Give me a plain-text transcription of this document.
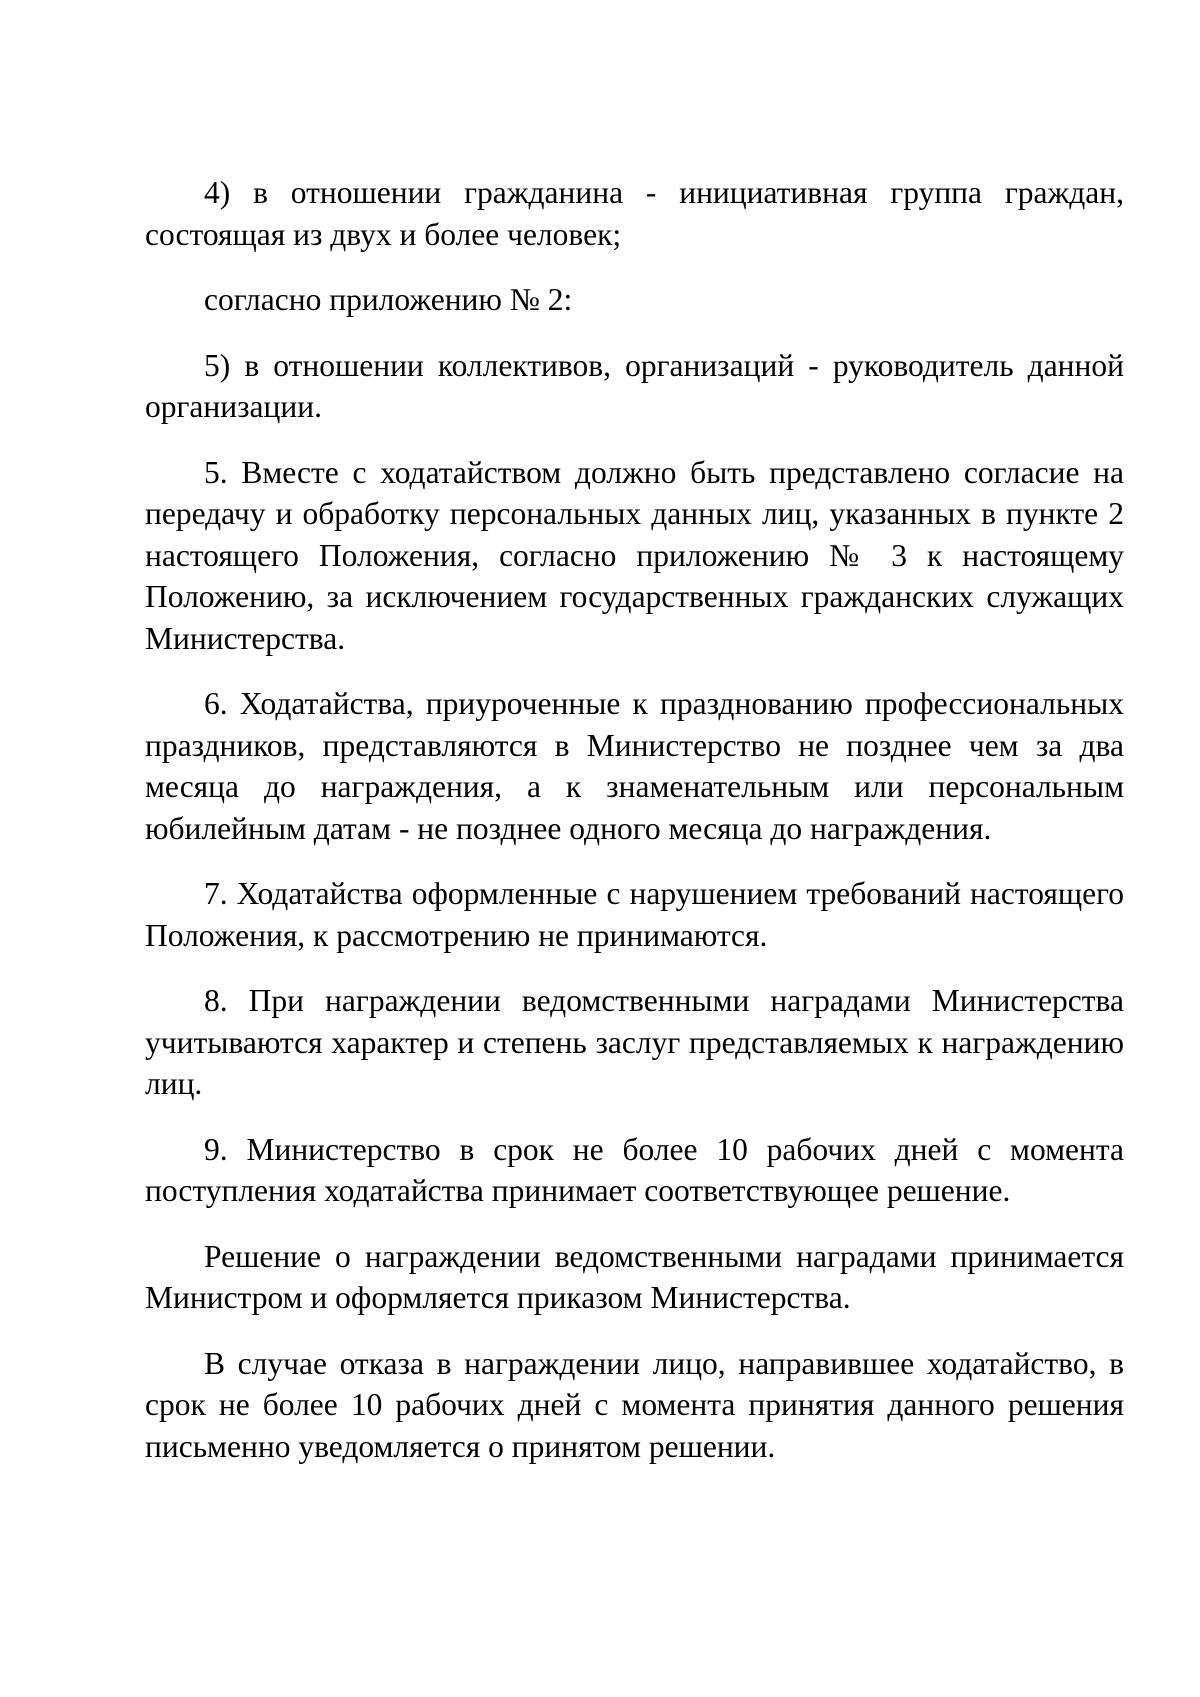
4) в отношении гражданина - инициативная группа граждан, состоящая из двух и более человек;

согласно приложению № 2:

5) в отношении коллективов, организаций - руководитель данной организации.

5. Вместе с ходатайством должно быть представлено согласие на передачу и обработку персональных данных лиц, указанных в пункте 2 настоящего Положения, согласно приложению № 3 к настоящему Положению, за исключением государственных гражданских служащих Министерства.

6. Ходатайства, приуроченные к празднованию профессиональных праздников, представляются в Министерство не позднее чем за два месяца до награждения, а к знаменательным или персональным юбилейным датам - не позднее одного месяца до награждения.

7. Ходатайства оформленные с нарушением требований настоящего Положения, к рассмотрению не принимаются.

8. При награждении ведомственными наградами Министерства учитываются характер и степень заслуг представляемых к награждению лиц.

9. Министерство в срок не более 10 рабочих дней с момента поступления ходатайства принимает соответствующее решение.

Решение о награждении ведомственными наградами принимается Министром и оформляется приказом Министерства.

В случае отказа в награждении лицо, направившее ходатайство, в срок не более 10 рабочих дней с момента принятия данного решения письменно уведомляется о принятом решении.
